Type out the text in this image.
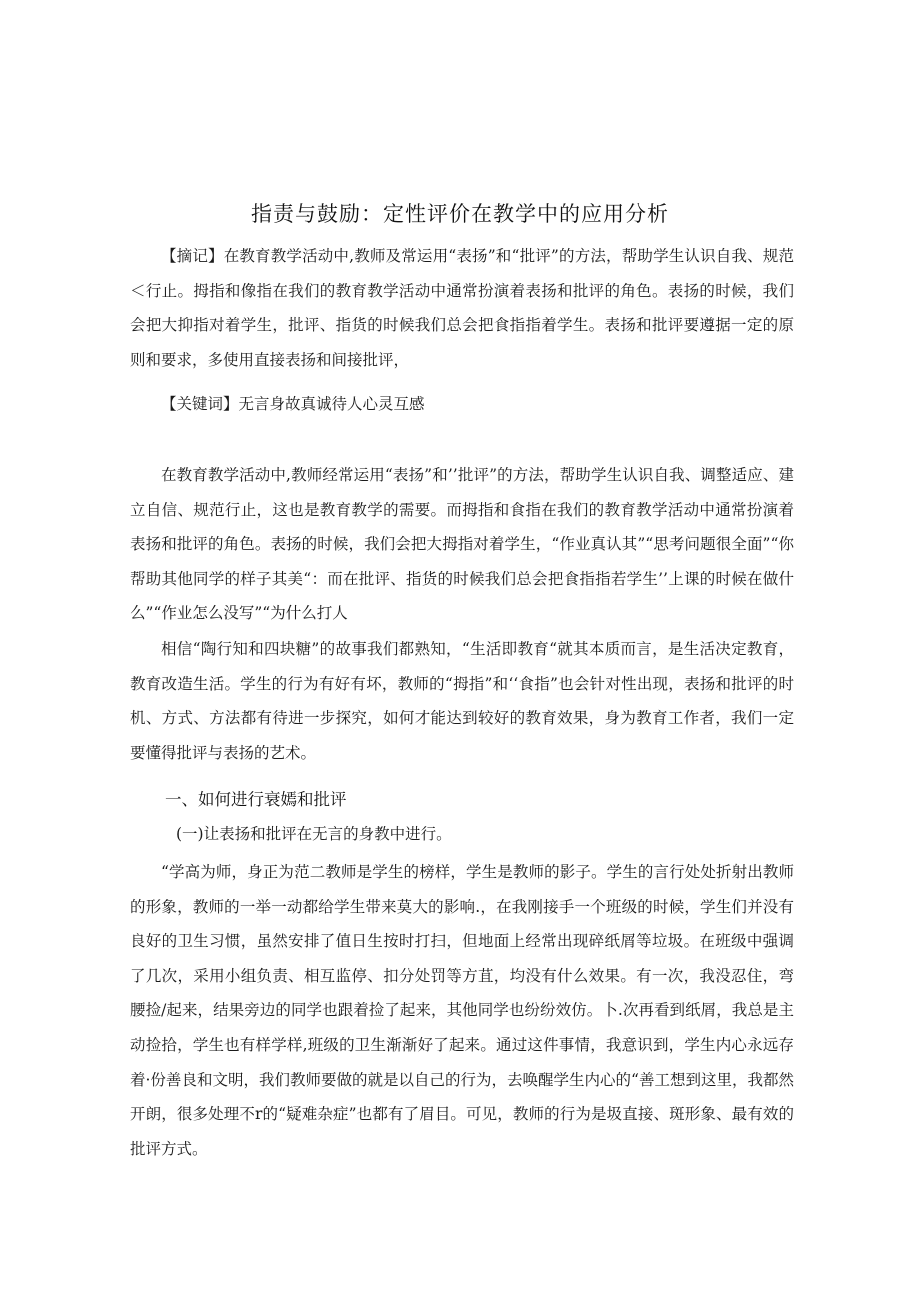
指责与鼓励：定性评价在教学中的应用分析

【摘记】在教育教学活动中,教师及常运用“表扬”和“批评”的方法，帮助学生认识自我、规范＜行止。拇指和像指在我们的教育教学活动中通常扮演着表扬和批评的角色。表扬的时候，我们会把大抑指对着学生，批评、指货的时候我们总会把食指指着学生。表扬和批评要遵据一定的原则和要求，多使用直接表扬和间接批评，

【关键词】无言身故真诚待人心灵互感

在教育教学活动中,教师经常运用“表扬”和’’批评”的方法，帮助学生认识自我、调整适应、建立自信、规范行止，这也是教育教学的需要。而拇指和食指在我们的教育教学活动中通常扮演着表扬和批评的角色。表扬的时候，我们会把大拇指对着学生，“作业真认其”“思考问题很全面”“你帮助其他同学的样子其美“：而在批评、指货的时候我们总会把食指指若学生’’上课的时候在做什么”“作业怎么没写”“为什么打人

相信“陶行知和四块糖”的故事我们都熟知，“生活即教育“就其本质而言，是生活决定教育，教育改造生活。学生的行为有好有坏，教师的“拇指”和‘‘食指”也会针对性出现，表扬和批评的时机、方式、方法都有待进一步探究，如何才能达到较好的教育效果，身为教育工作者，我们一定要懂得批评与表扬的艺术。

一、如何进行衰嫣和批评
(一)让表扬和批评在无言的身教中进行。

“学高为师，身正为范二教师是学生的榜样，学生是教师的影子。学生的言行处处折射出教师的形象，教师的一举一动都给学生带来莫大的影响.，在我刚接手一个班级的时候，学生们并没有良好的卫生习惯，虽然安排了值日生按时打扫，但地面上经常出现碎纸屑等垃圾。在班级中强调了几次，采用小组负责、相互监停、扣分处罚等方苴，均没有什么效果。有一次，我没忍住，弯腰捡/起来，结果旁边的同学也跟着捡了起来，其他同学也纷纷效仿。卜.次再看到纸屑，我总是主动捡拾，学生也有样学样,班级的卫生渐渐好了起来。通过这件事情，我意识到，学生内心永远存着·份善良和文明，我们教师要做的就是以自己的行为，去唤醒学生内心的“善工想到这里，我都然开朗，很多处理不r的“疑难杂症”也都有了眉目。可见，教师的行为是圾直接、斑形象、最有效的批评方式。
